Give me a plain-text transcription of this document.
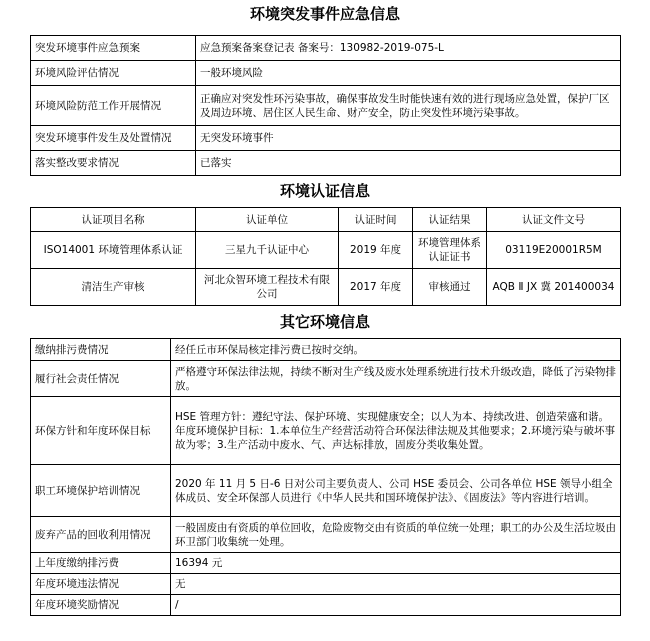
环境突发事件应急信息
突发环境事件应急预案	应急预案备案登记表 备案号：130982-2019-075-L
环境风险评估情况	一般环境风险
环境风险防范工作开展情况	正确应对突发性环污染事故，确保事故发生时能快速有效的进行现场应急处置，保护厂区及周边环境、居住区人民生命、财产安全，防止突发性环境污染事故。
突发环境事件发生及处置情况	无突发环境事件
落实整改要求情况	已落实
环境认证信息
认证项目名称	认证单位	认证时间	认证结果	认证文件文号
ISO14001 环境管理体系认证	三星九千认证中心	2019 年度	环境管理体系认证证书	03119E20001R5M
清洁生产审核	河北众智环境工程技术有限公司	2017 年度	审核通过	AQB Ⅱ JX 冀 201400034
其它环境信息
缴纳排污费情况	经任丘市环保局核定排污费已按时交纳。
履行社会责任情况	严格遵守环保法律法规，持续不断对生产线及废水处理系统进行技术升级改造，降低了污染物排放。
环保方针和年度环保目标	HSE 管理方针：遵纪守法、保护环境、实现健康安全；以人为本、持续改进、创造荣盛和谐。
年度环境保护目标：1.本单位生产经营活动符合环保法律法规及其他要求；2.环境污染与破坏事故为零；3.生产活动中废水、气、声达标排放，固废分类收集处置。

职工环境保护培训情况	2020 年 11 月 5 日-6 日对公司主要负责人、公司 HSE 委员会、公司各单位 HSE 领导小组全体成员、安全环保部人员进行《中华人民共和国环境保护法》、《固废法》等内容进行培训。
废弃产品的回收利用情况	一般固废由有资质的单位回收，危险废物交由有资质的单位统一处理；职工的办公及生活垃圾由环卫部门收集统一处理。
上年度缴纳排污费	16394 元
年度环境违法情况	无
年度环境奖励情况	/
